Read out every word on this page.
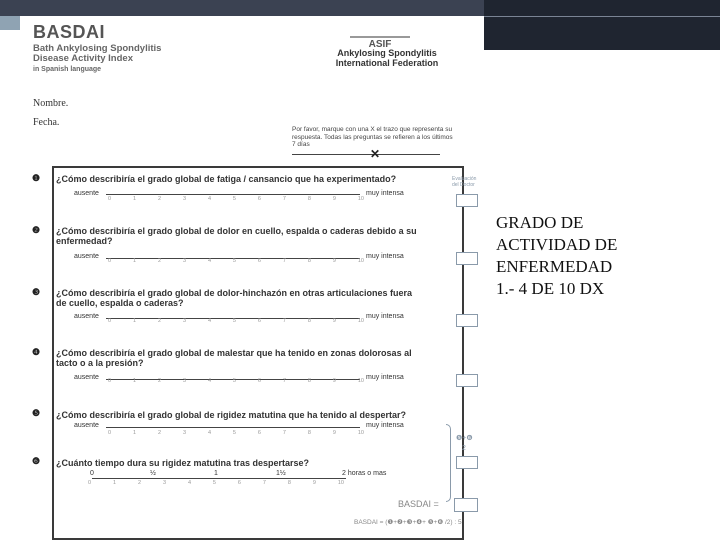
BASDAI
Bath Ankylosing Spondylitis
Disease Activity Index
in Spanish language
ASIF
Ankylosing Spondylitis
International Federation
Nombre.
Fecha.
Por favor, marque con una X el trazo que representa su respuesta. Todas las preguntas se refieren a los últimos 7 días
✕
❶ ¿Cómo describiría el grado global de fatiga / cansancio que ha experimentado?
ausente	muy intensa
❷ ¿Cómo describiría el grado global de dolor en cuello, espalda o caderas debido a su
enfermedad?
ausente	muy intensa
❸ ¿Cómo describiría el grado global de dolor-hinchazón en otras articulaciones fuera
de cuello, espalda o caderas?
ausente	muy intensa
❹ ¿Cómo describiría el grado global de malestar que ha tenido en zonas dolorosas al
tacto o a la presión?
ausente	muy intensa
❺ ¿Cómo describiría el grado global de rigidez matutina que ha tenido al despertar?
ausente	muy intensa
❻ ¿Cuánto tiempo dura su rigidez matutina tras despertarse?
0	½	1	1½	2 horas o mas
0	1	2	3	4	5	6	7	8	9	10
0	1	2	3	4	5	6	7	8	9	10
0	1	2	3	4	5	6	7	8	9	10
0	1	2	3	4	5	6	7	8	9	10
0	1	2	3	4	5	6	7	8	9	10
0	1	2	3	4	5	6	7	8	9	10
Evaluación del Doctor
❺+❻
2
BASDAI =
BASDAI = (❶+❷+❸+❹+ ❺+❻ /2) : 5
GRADO DE
ACTIVIDAD DE
ENFERMEDAD
1.- 4 DE 10 DX
